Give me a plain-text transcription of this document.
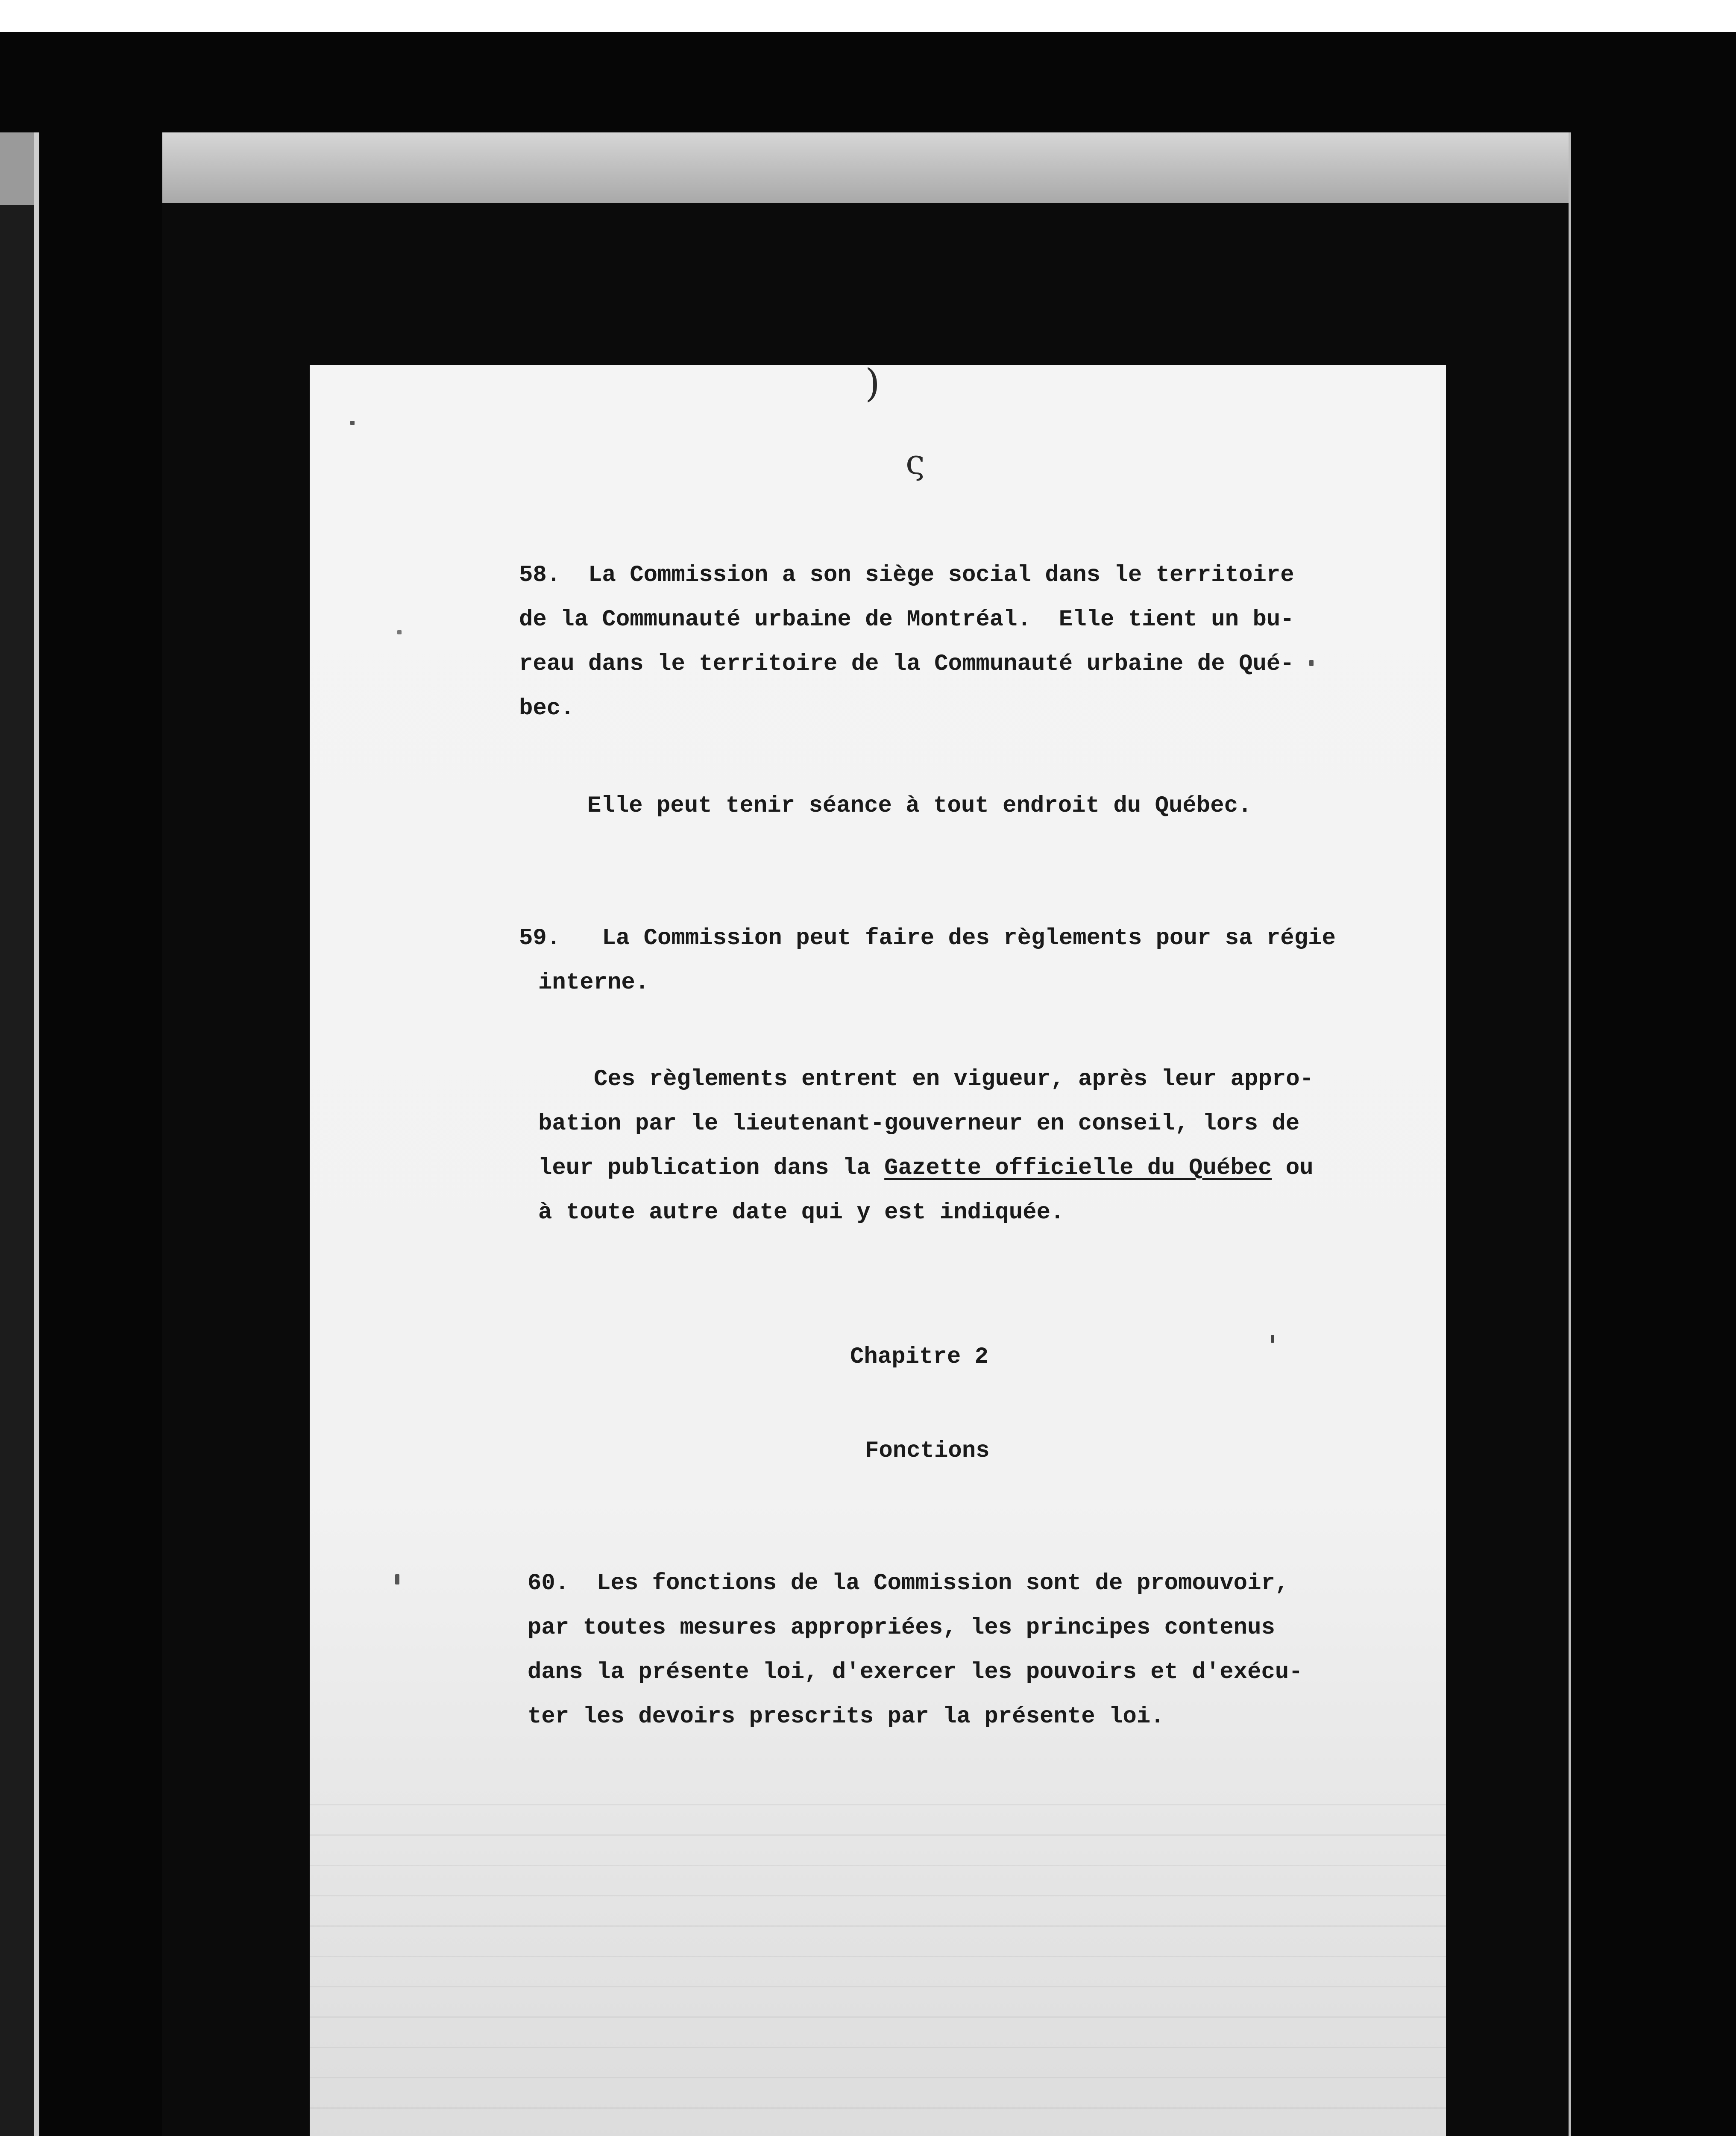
)
ς

58.  La Commission a son siège social dans le territoire

de la Communauté urbaine de Montréal.  Elle tient un bu-

reau dans le territoire de la Communauté urbaine de Qué-

bec.

Elle peut tenir séance à tout endroit du Québec.

59.   La Commission peut faire des règlements pour sa régie

interne.

Ces règlements entrent en vigueur, après leur appro-

bation par le lieutenant-gouverneur en conseil, lors de

leur publication dans la Gazette officielle du Québec ou

à toute autre date qui y est indiquée.

Chapitre 2

Fonctions

60.  Les fonctions de la Commission sont de promouvoir,

par toutes mesures appropriées, les principes contenus

dans la présente loi, d'exercer les pouvoirs et d'exécu-

ter les devoirs prescrits par la présente loi.
